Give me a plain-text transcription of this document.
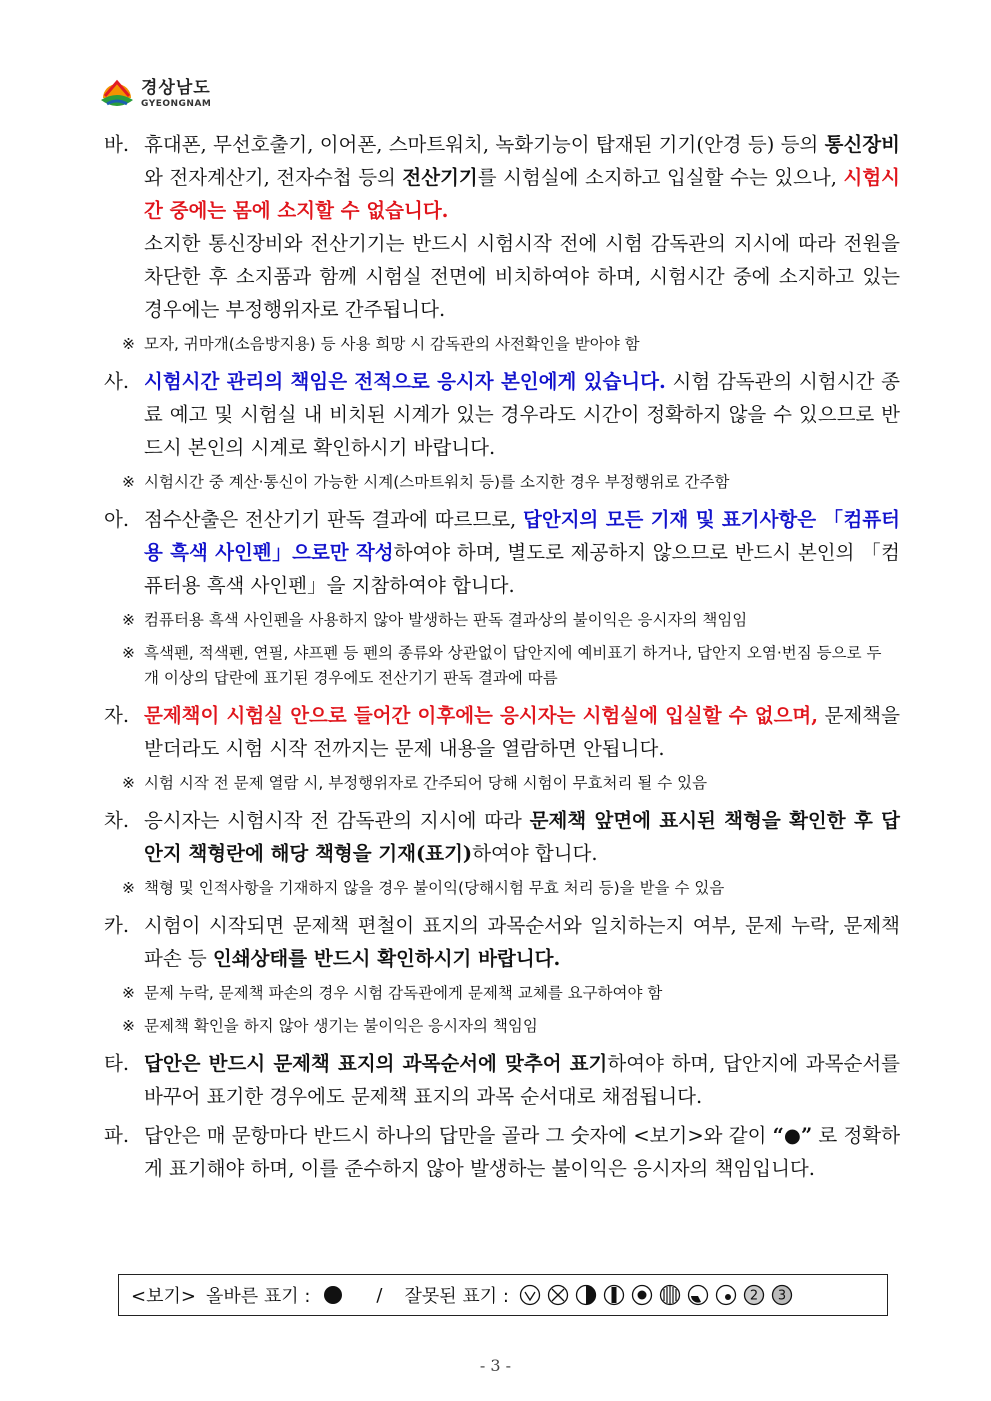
경상남도
GYEONGNAM
바. 휴대폰, 무선호출기, 이어폰, 스마트워치, 녹화기능이 탑재된 기기(안경 등) 등의 통신장비와 전자계산기, 전자수첩 등의 전산기기를 시험실에 소지하고 입실할 수는 있으나, 시험시간 중에는 몸에 소지할 수 없습니다.

소지한 통신장비와 전산기기는 반드시 시험시작 전에 시험 감독관의 지시에 따라 전원을 차단한 후 소지품과 함께 시험실 전면에 비치하여야 하며, 시험시간 중에 소지하고 있는 경우에는 부정행위자로 간주됩니다.

※ 모자, 귀마개(소음방지용) 등 사용 희망 시 감독관의 사전확인을 받아야 함
사. 시험시간 관리의 책임은 전적으로 응시자 본인에게 있습니다. 시험 감독관의 시험시간 종료 예고 및 시험실 내 비치된 시계가 있는 경우라도 시간이 정확하지 않을 수 있으므로 반드시 본인의 시계로 확인하시기 바랍니다.

※ 시험시간 중 계산·통신이 가능한 시계(스마트워치 등)를 소지한 경우 부정행위로 간주함
아. 점수산출은 전산기기 판독 결과에 따르므로, 답안지의 모든 기재 및 표기사항은 「컴퓨터용 흑색 사인펜」으로만 작성하여야 하며, 별도로 제공하지 않으므로 반드시 본인의 「컴퓨터용 흑색 사인펜」을 지참하여야 합니다.

※ 컴퓨터용 흑색 사인펜을 사용하지 않아 발생하는 판독 결과상의 불이익은 응시자의 책임임
※ 흑색펜, 적색펜, 연필, 샤프펜 등 펜의 종류와 상관없이 답안지에 예비표기 하거나, 답안지 오염·번짐 등으로 두 개 이상의 답란에 표기된 경우에도 전산기기 판독 결과에 따름
자. 문제책이 시험실 안으로 들어간 이후에는 응시자는 시험실에 입실할 수 없으며, 문제책을 받더라도 시험 시작 전까지는 문제 내용을 열람하면 안됩니다.

※ 시험 시작 전 문제 열람 시, 부정행위자로 간주되어 당해 시험이 무효처리 될 수 있음
차. 응시자는 시험시작 전 감독관의 지시에 따라 문제책 앞면에 표시된 책형을 확인한 후 답안지 책형란에 해당 책형을 기재(표기)하여야 합니다.

※ 책형 및 인적사항을 기재하지 않을 경우 불이익(당해시험 무효 처리 등)을 받을 수 있음
카. 시험이 시작되면 문제책 편철이 표지의 과목순서와 일치하는지 여부, 문제 누락, 문제책 파손 등 인쇄상태를 반드시 확인하시기 바랍니다.

※ 문제 누락, 문제책 파손의 경우 시험 감독관에게 문제책 교체를 요구하여야 함
※ 문제책 확인을 하지 않아 생기는 불이익은 응시자의 책임임
타. 답안은 반드시 문제책 표지의 과목순서에 맞추어 표기하여야 하며, 답안지에 과목순서를 바꾸어 표기한 경우에도 문제책 표지의 과목 순서대로 채점됩니다.

파. 답안은 매 문항마다 반드시 하나의 답만을 골라 그 숫자에 <보기>와 같이 “●” 로 정확하게 표기해야 하며, 이를 준수하지 않아 발생하는 불이익은 응시자의 책임입니다.

<보기> 올바른 표기 :	/ 잘못된 표기 :	2 3
- 3 -
